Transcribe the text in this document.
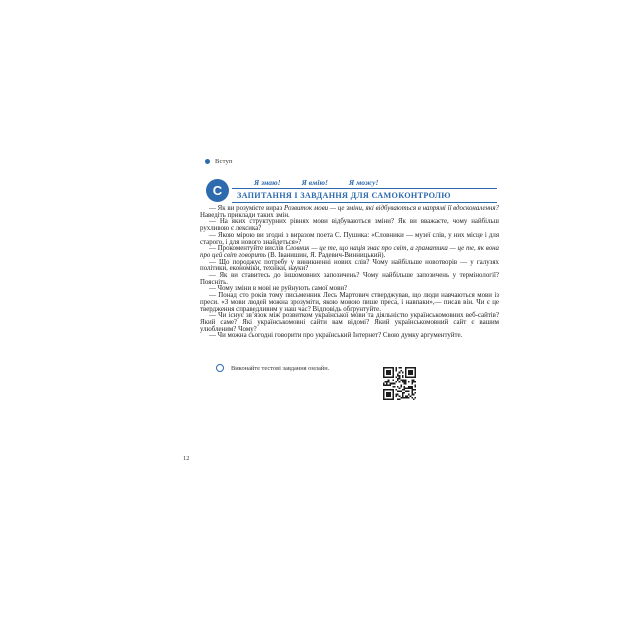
Вступ
С
Я знаю!	Я вмію!	Я можу!
ЗАПИТАННЯ І ЗАВДАННЯ ДЛЯ САМОКОНТРОЛЮ

— Як ви розумієте вираз Розвиток мови — це зміни, які відбуваються в напрямі її вдосконалення? Наведіть приклади таких змін.

— На яких структурних рівнях мови відбуваються зміни? Як ви вважаєте, чому найбільш рухливою є лексика?

— Якою мірою ви згодні з виразом поета С. Пушика: «Словники — музеї слів, у них місце і для старого, і для нового знайдеться»?

— Прокоментуйте вислів Словник — це те, що нація знає про світ, а граматика — це те, як вона про цей світ говорить (В. Іванишин, Я. Радевич-Винницький).

— Що породжує потребу у виникненні нових слів? Чому найбільше новотворів — у галузях політики, економіки, техніки, науки?

— Як ви ставитесь до іншомовних запозичень? Чому найбільше запозичень у термінології? Поясніть.

— Чому зміни в мові не руйнують самої мови?

— Понад сто років тому письменник Лесь Мартович стверджував, що люди навчаються мови із преси. «З мови людей можна зрозуміти, якою мовою пише преса, і навпаки»,— писав він. Чи є це твердження справедливим у наш час? Відповідь обґрунтуйте.

— Чи існує зв’язок між розвитком української мови та діяльністю українськомовних веб-сайтів? Який саме? Які українськомовні сайти вам відомі? Який українськомовний сайт є вашим улюбленим? Чому?

— Чи можна сьогодні говорити про український Інтернет? Свою думку аргументуйте.

Виконайте тестові завдання онлайн.
12
